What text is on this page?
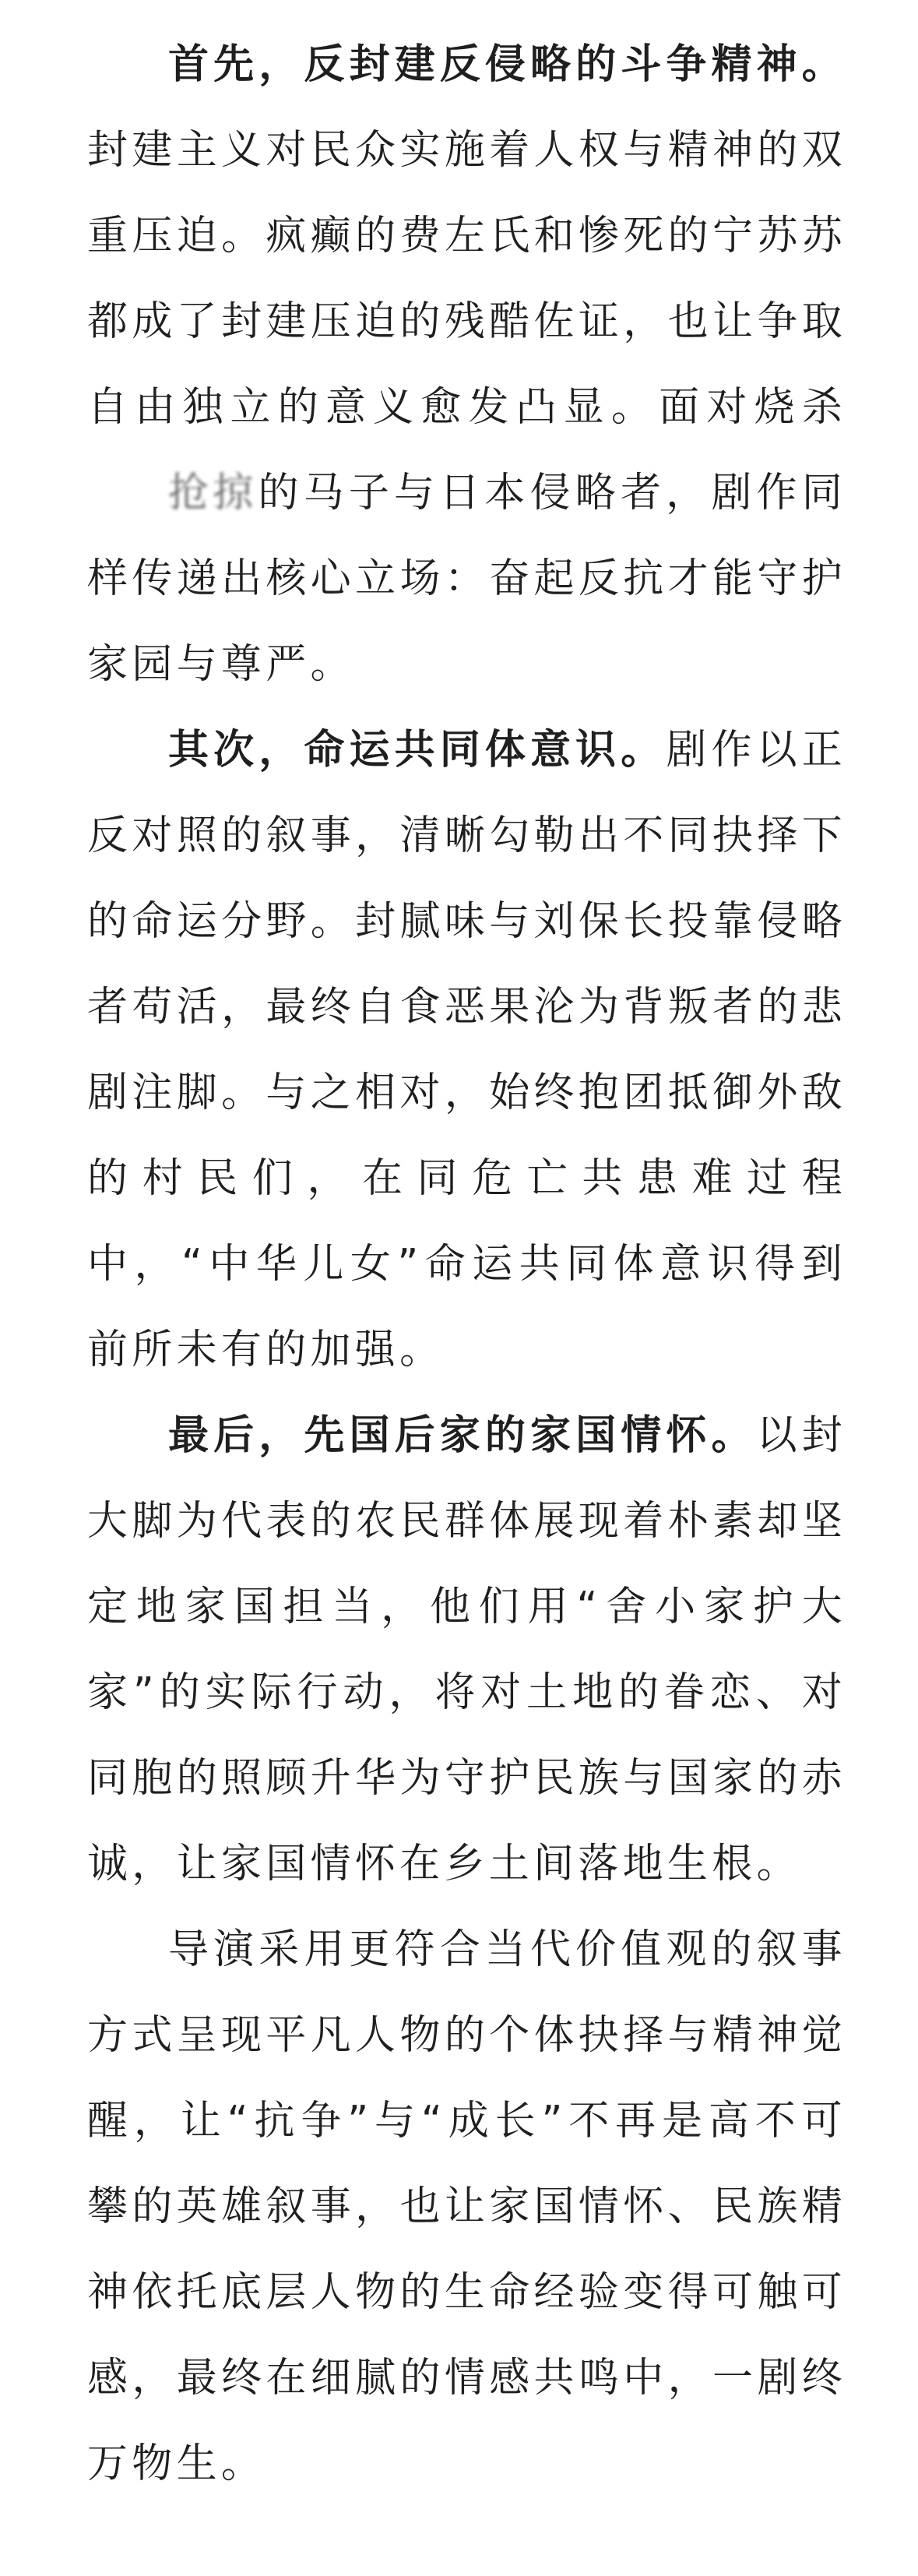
首先，反封建反侵略的斗争精神。封建主义对民众实施着人权与精神的双重压迫。疯癫的费左氏和惨死的宁苏苏都成了封建压迫的残酷佐证，也让争取自由独立的意义愈发凸显。面对烧杀抢掠的马子与日本侵略者，剧作同样传递出核心立场：奋起反抗才能守护家园与尊严。

其次，命运共同体意识。剧作以正反对照的叙事，清晰勾勒出不同抉择下的命运分野。封腻味与刘保长投靠侵略者苟活，最终自食恶果沦为背叛者的悲剧注脚。与之相对，始终抱团抵御外敌的村民们，在同危亡共患难过程中，“中华儿女”命运共同体意识得到前所未有的加强。

最后，先国后家的家国情怀。以封大脚为代表的农民群体展现着朴素却坚定地家国担当，他们用“舍小家护大家”的实际行动，将对土地的眷恋、对同胞的照顾升华为守护民族与国家的赤诚，让家国情怀在乡土间落地生根。

导演采用更符合当代价值观的叙事方式呈现平凡人物的个体抉择与精神觉醒，让“抗争”与“成长”不再是高不可攀的英雄叙事，也让家国情怀、民族精神依托底层人物的生命经验变得可触可感，最终在细腻的情感共鸣中，一剧终万物生。
